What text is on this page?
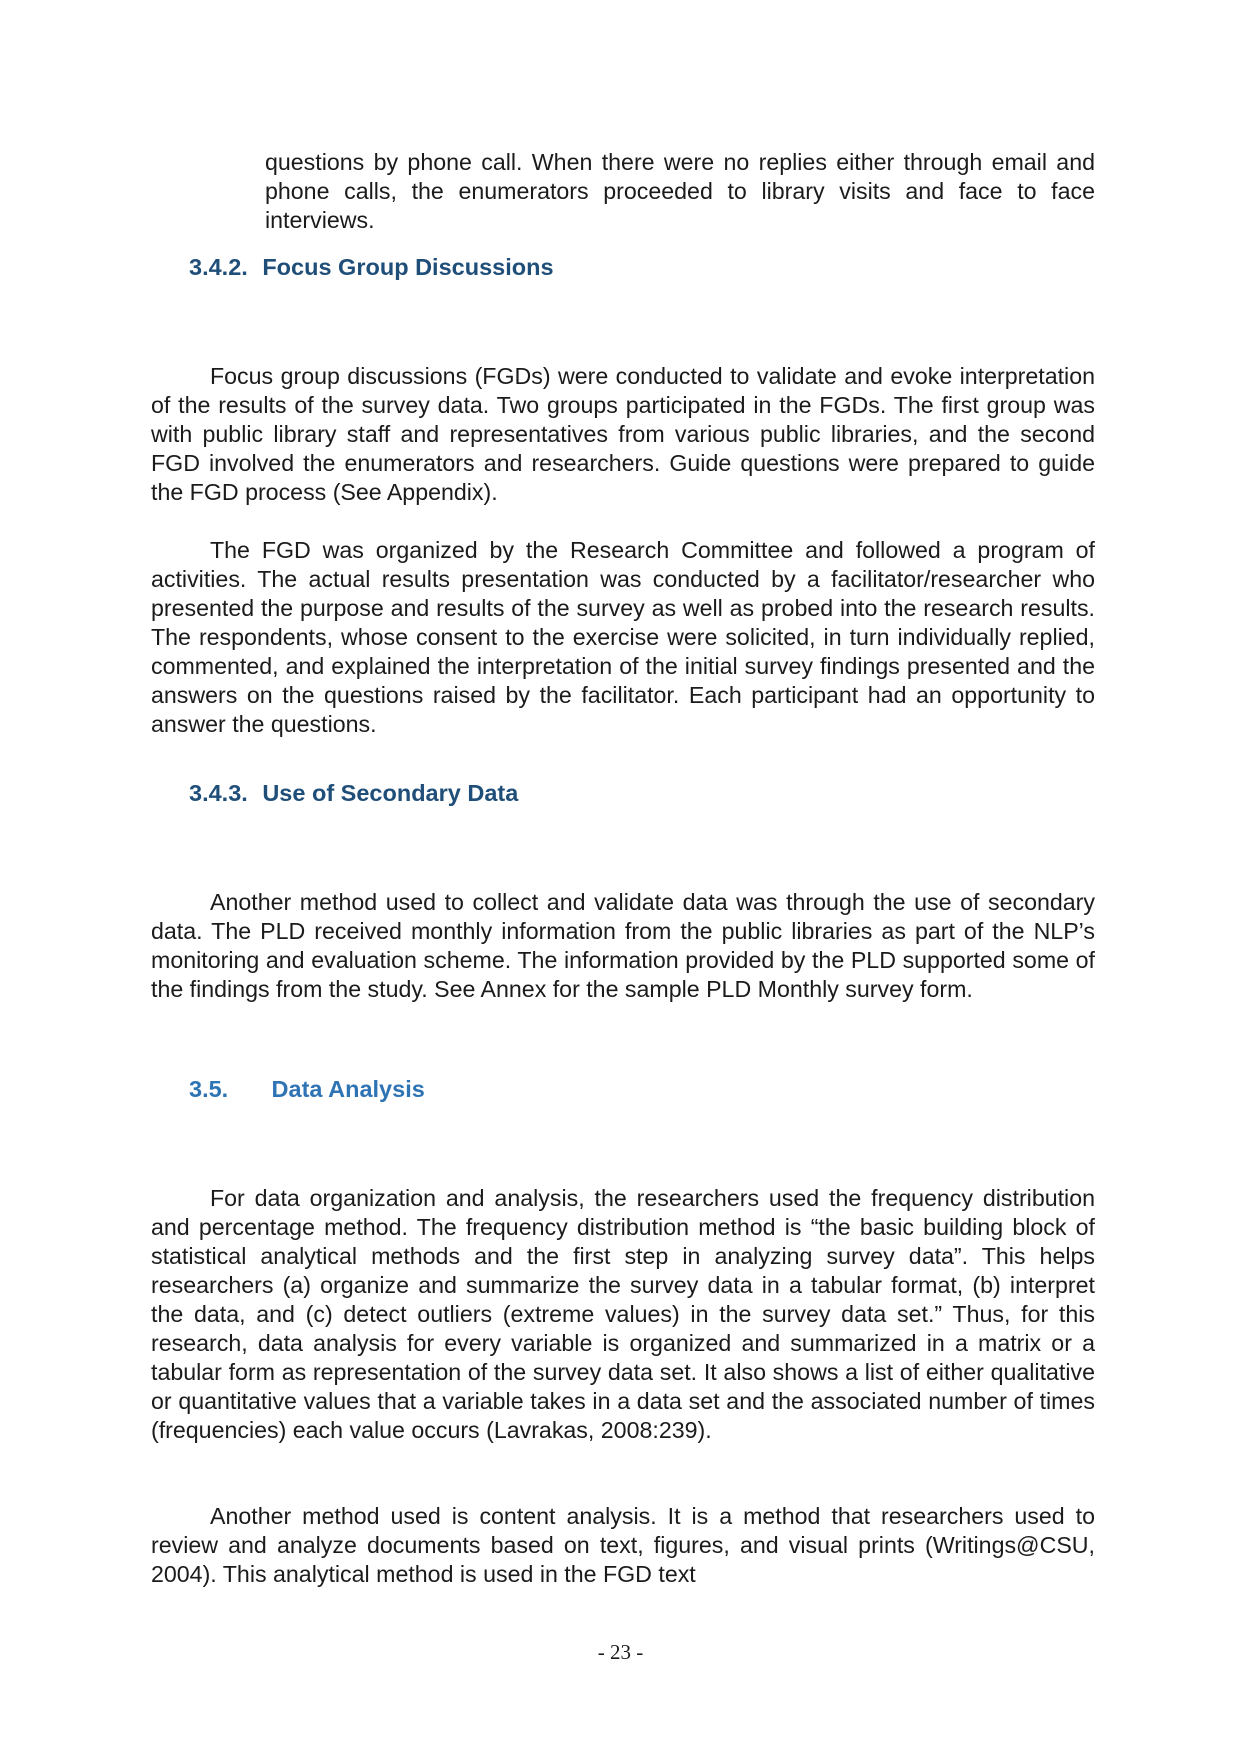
questions by phone call. When there were no replies either through email and phone calls, the enumerators proceeded to library visits and face to face interviews.

3.4.2. Focus Group Discussions

Focus group discussions (FGDs) were conducted to validate and evoke interpretation of the results of the survey data. Two groups participated in the FGDs. The first group was with public library staff and representatives from various public libraries, and the second FGD involved the enumerators and researchers. Guide questions were prepared to guide the FGD process (See Appendix).

The FGD was organized by the Research Committee and followed a program of activities. The actual results presentation was conducted by a facilitator/researcher who presented the purpose and results of the survey as well as probed into the research results. The respondents, whose consent to the exercise were solicited, in turn individually replied, commented, and explained the interpretation of the initial survey findings presented and the answers on the questions raised by the facilitator. Each participant had an opportunity to answer the questions.

3.4.3. Use of Secondary Data

Another method used to collect and validate data was through the use of secondary data. The PLD received monthly information from the public libraries as part of the NLP’s monitoring and evaluation scheme. The information provided by the PLD supported some of the findings from the study. See Annex for the sample PLD Monthly survey form.

3.5. Data Analysis

For data organization and analysis, the researchers used the frequency distribution and percentage method. The frequency distribution method is “the basic building block of statistical analytical methods and the first step in analyzing survey data”. This helps researchers (a) organize and summarize the survey data in a tabular format, (b) interpret the data, and (c) detect outliers (extreme values) in the survey data set.” Thus, for this research, data analysis for every variable is organized and summarized in a matrix or a tabular form as representation of the survey data set. It also shows a list of either qualitative or quantitative values that a variable takes in a data set and the associated number of times (frequencies) each value occurs (Lavrakas, 2008:239).

Another method used is content analysis. It is a method that researchers used to review and analyze documents based on text, figures, and visual prints (Writings@CSU, 2004). This analytical method is used in the FGD text

- 23 -
